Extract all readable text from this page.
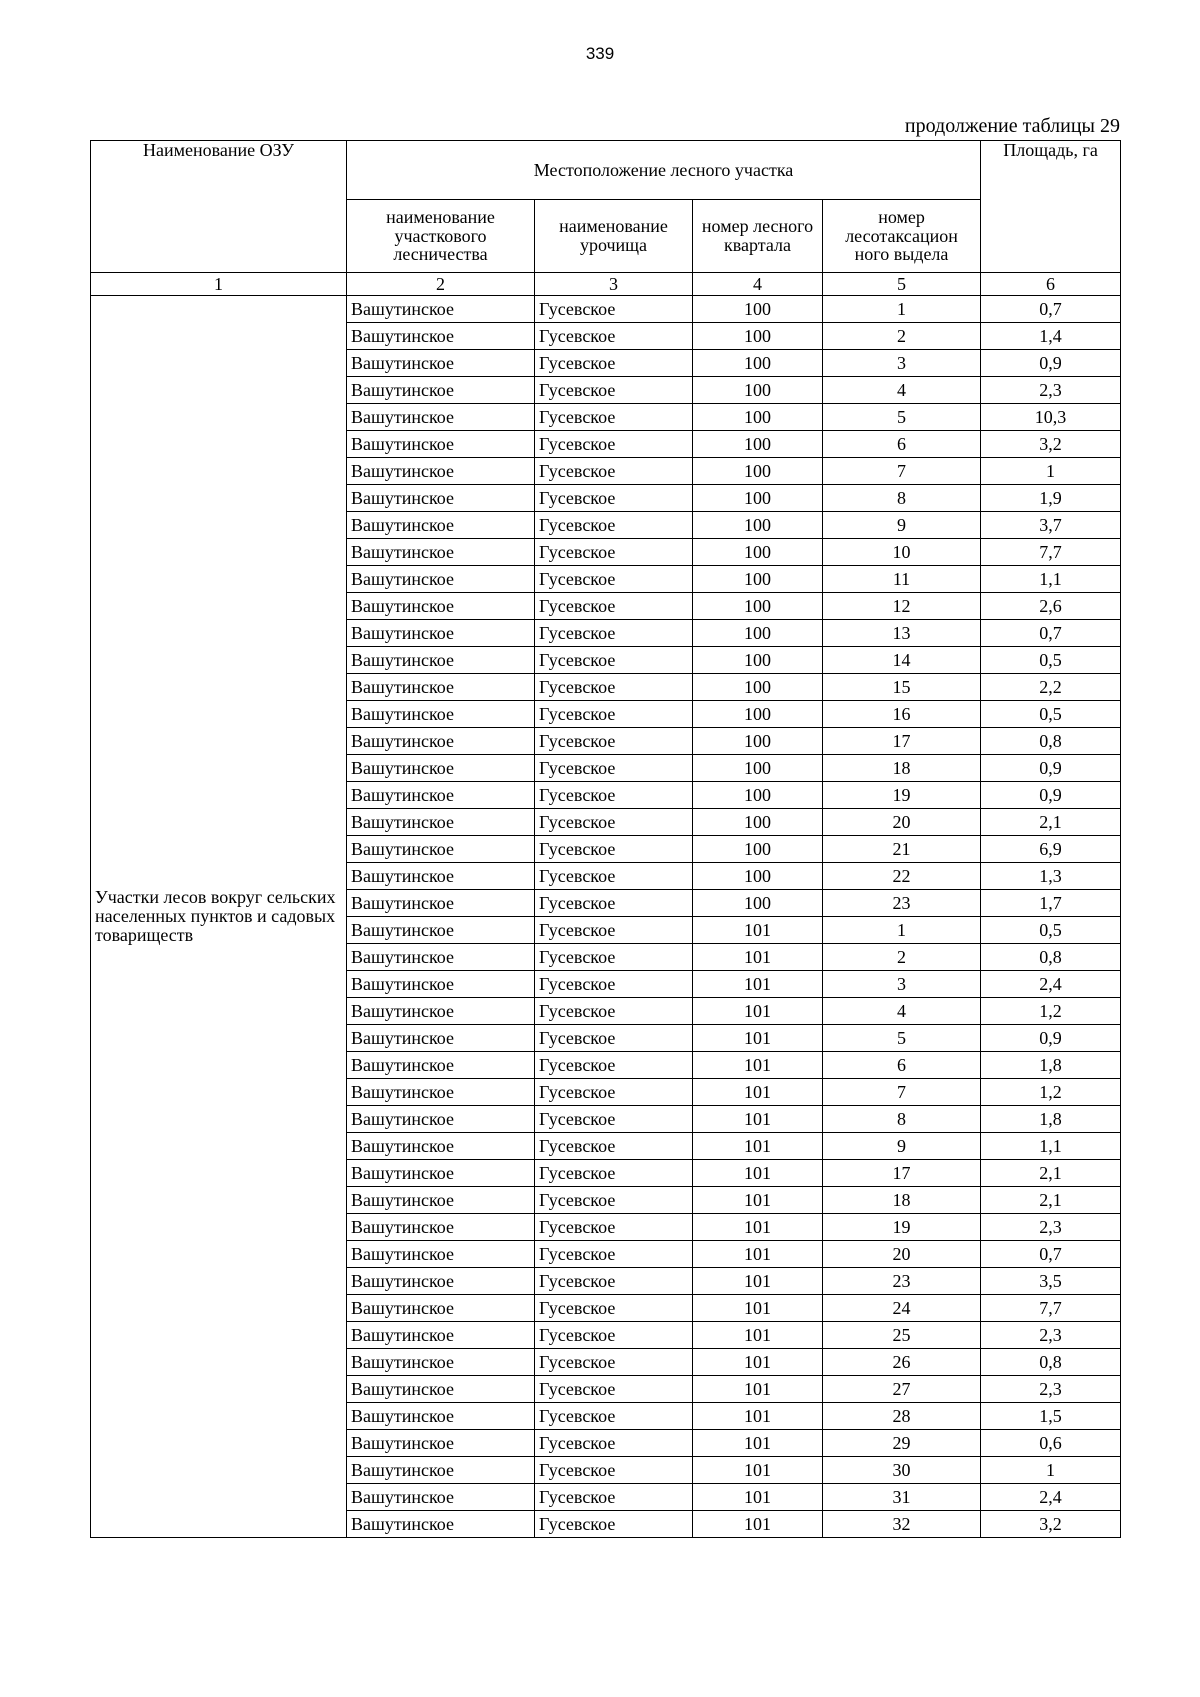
339
продолжение таблицы 29
Наименование ОЗУ	Местоположение лесного участка				Площадь, га
	наименование участкового лесничества	наименование урочища	номер лесного квартала	номер лесотаксацион ного выдела	
1	2	3	4	5	6
Участки лесов вокруг сельских населенных пунктов и садовых товариществ	Вашутинское	Гусевское	100	1	0,7
	Вашутинское	Гусевское	100	2	1,4
	Вашутинское	Гусевское	100	3	0,9
	Вашутинское	Гусевское	100	4	2,3
	Вашутинское	Гусевское	100	5	10,3
	Вашутинское	Гусевское	100	6	3,2
	Вашутинское	Гусевское	100	7	1
	Вашутинское	Гусевское	100	8	1,9
	Вашутинское	Гусевское	100	9	3,7
	Вашутинское	Гусевское	100	10	7,7
	Вашутинское	Гусевское	100	11	1,1
	Вашутинское	Гусевское	100	12	2,6
	Вашутинское	Гусевское	100	13	0,7
	Вашутинское	Гусевское	100	14	0,5
	Вашутинское	Гусевское	100	15	2,2
	Вашутинское	Гусевское	100	16	0,5
	Вашутинское	Гусевское	100	17	0,8
	Вашутинское	Гусевское	100	18	0,9
	Вашутинское	Гусевское	100	19	0,9
	Вашутинское	Гусевское	100	20	2,1
	Вашутинское	Гусевское	100	21	6,9
	Вашутинское	Гусевское	100	22	1,3
	Вашутинское	Гусевское	100	23	1,7
	Вашутинское	Гусевское	101	1	0,5
	Вашутинское	Гусевское	101	2	0,8
	Вашутинское	Гусевское	101	3	2,4
	Вашутинское	Гусевское	101	4	1,2
	Вашутинское	Гусевское	101	5	0,9
	Вашутинское	Гусевское	101	6	1,8
	Вашутинское	Гусевское	101	7	1,2
	Вашутинское	Гусевское	101	8	1,8
	Вашутинское	Гусевское	101	9	1,1
	Вашутинское	Гусевское	101	17	2,1
	Вашутинское	Гусевское	101	18	2,1
	Вашутинское	Гусевское	101	19	2,3
	Вашутинское	Гусевское	101	20	0,7
	Вашутинское	Гусевское	101	23	3,5
	Вашутинское	Гусевское	101	24	7,7
	Вашутинское	Гусевское	101	25	2,3
	Вашутинское	Гусевское	101	26	0,8
	Вашутинское	Гусевское	101	27	2,3
	Вашутинское	Гусевское	101	28	1,5
	Вашутинское	Гусевское	101	29	0,6
	Вашутинское	Гусевское	101	30	1
	Вашутинское	Гусевское	101	31	2,4
	Вашутинское	Гусевское	101	32	3,2
